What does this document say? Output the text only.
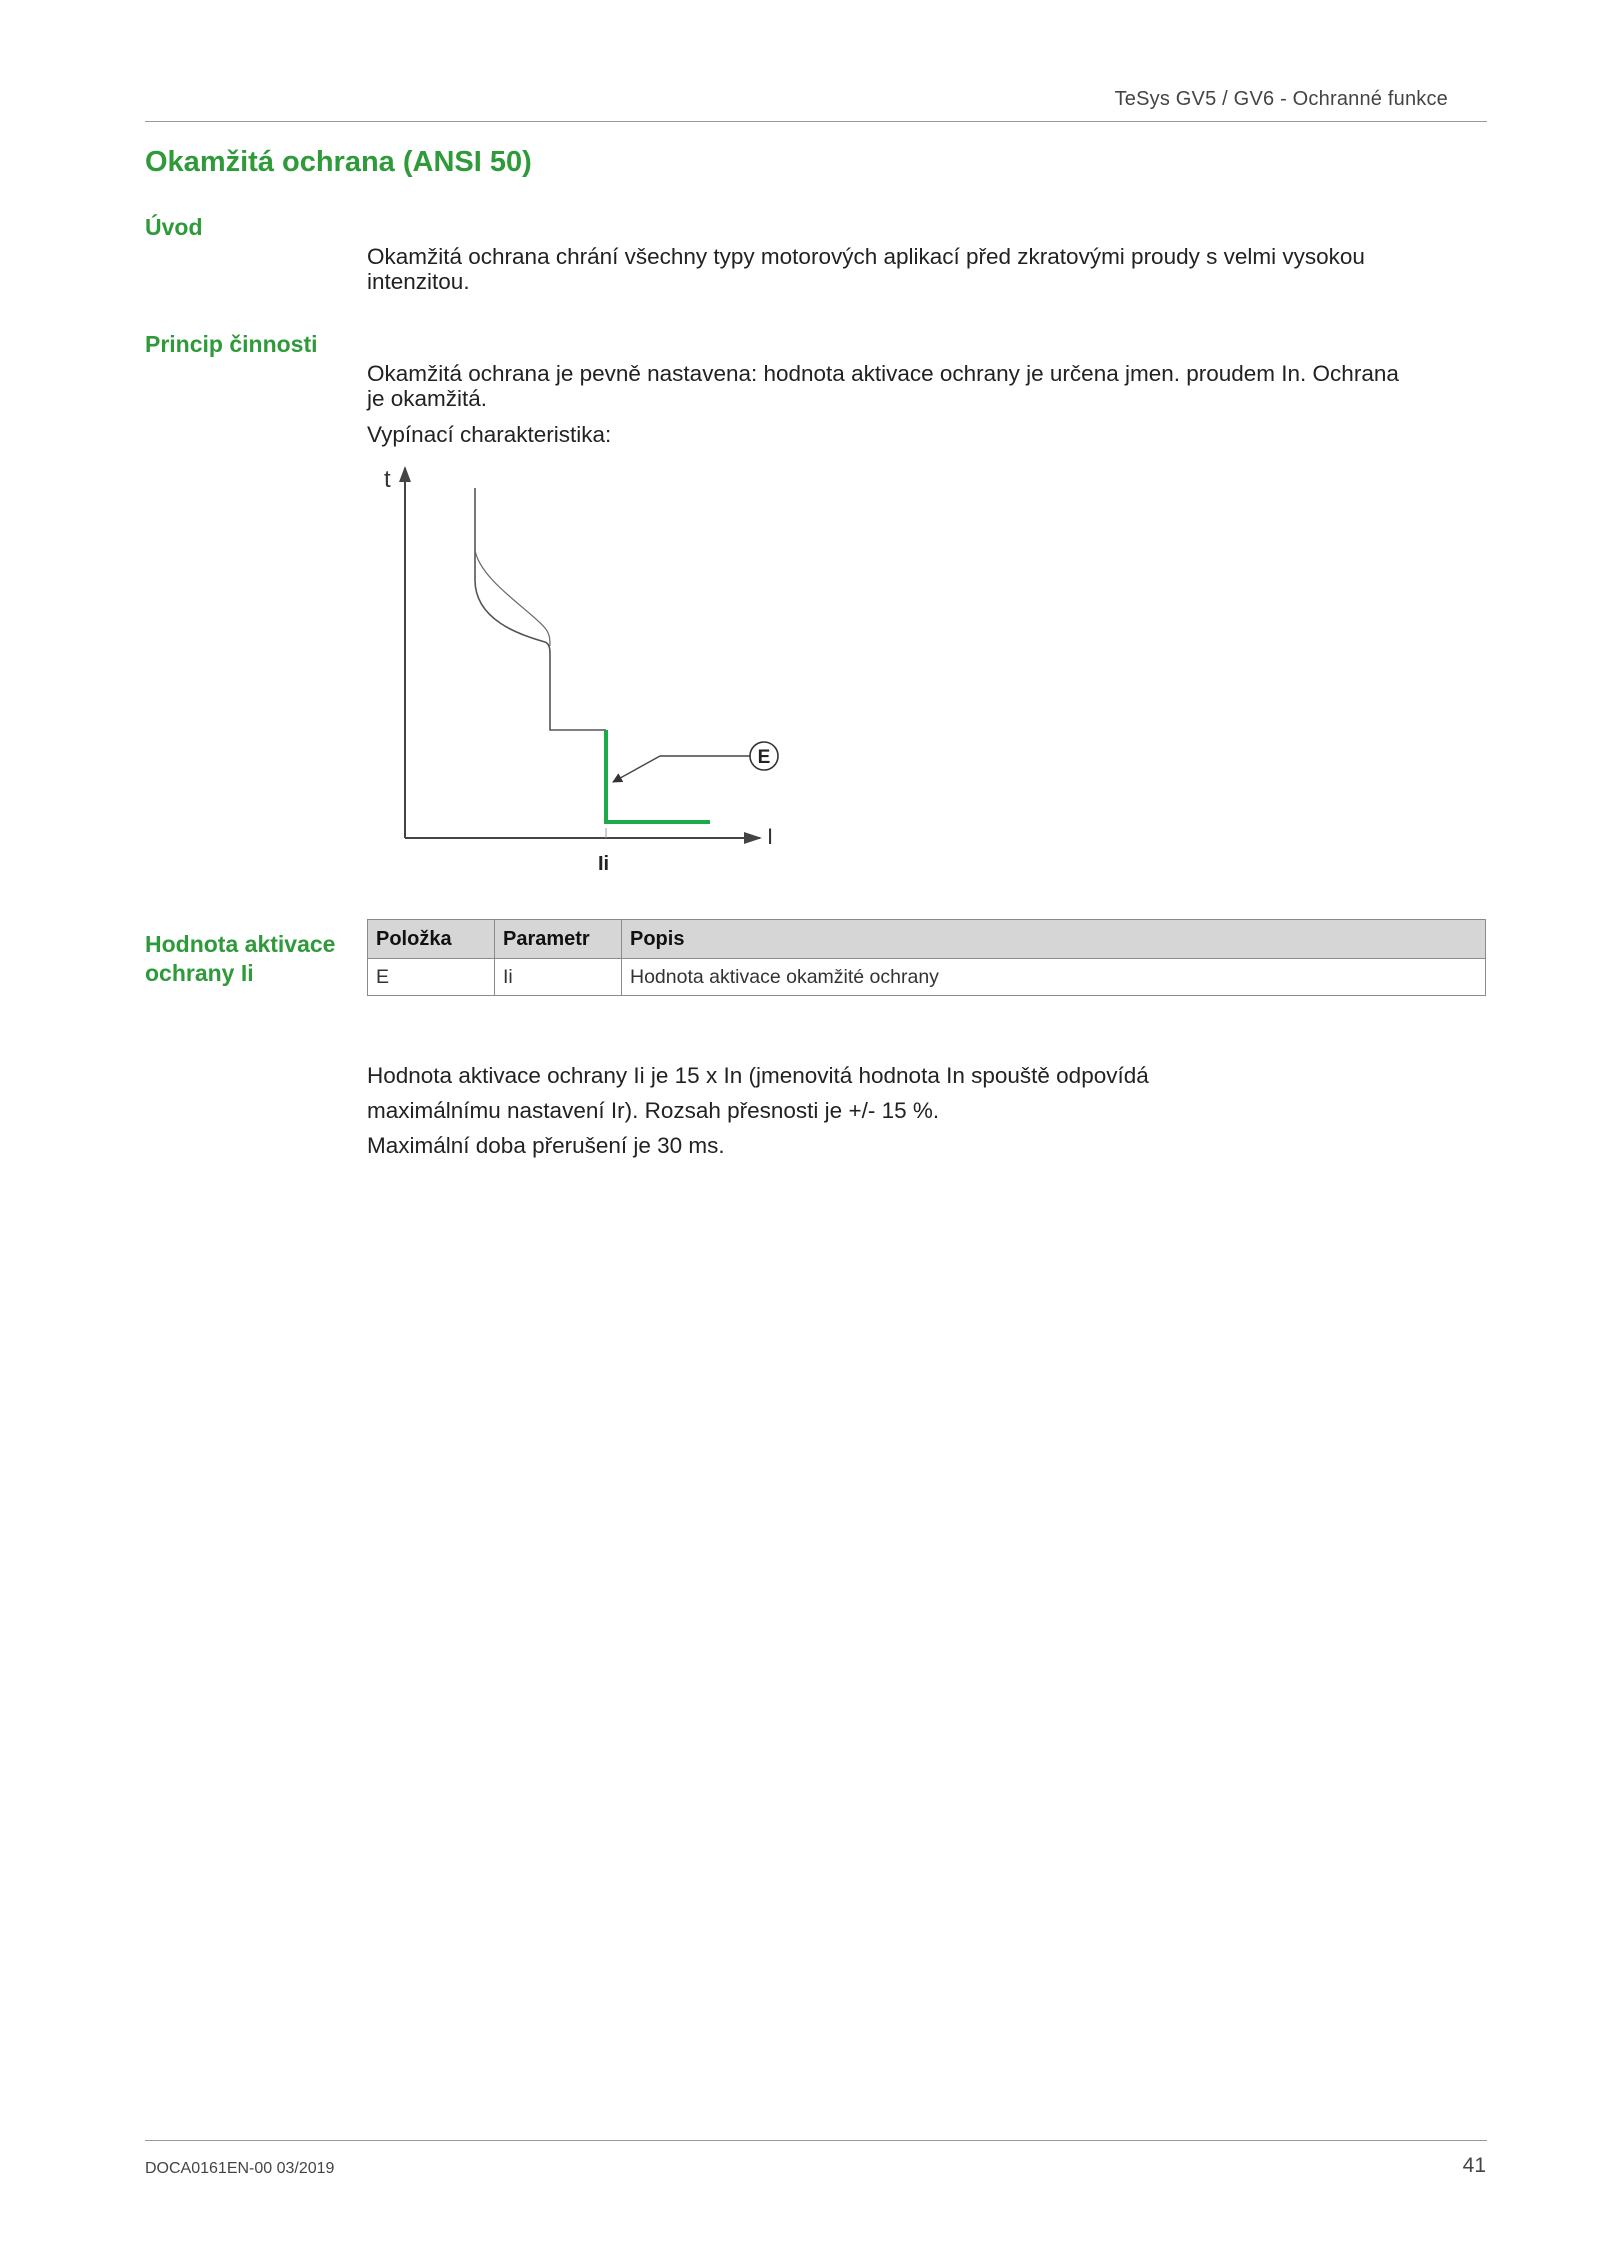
TeSys GV5 / GV6 - Ochranné funkce
Okamžitá ochrana (ANSI 50)
Úvod
Okamžitá ochrana chrání všechny typy motorových aplikací před zkratovými proudy s velmi vysokou
intenzitou.
Princip činnosti
Okamžitá ochrana je pevně nastavena: hodnota aktivace ochrany je určena jmen. proudem In. Ochrana
je okamžitá.
Vypínací charakteristika:
t
I
Ii
E
Hodnota aktivace
ochrany Ii
Položka	Parametr	Popis
E	Ii	Hodnota aktivace okamžité ochrany
Hodnota aktivace ochrany Ii je 15 x In (jmenovitá hodnota In spouště odpovídá
maximálnímu nastavení Ir). Rozsah přesnosti je +/- 15 %.
Maximální doba přerušení je 30 ms.
DOCA0161EN-00 03/2019	41
